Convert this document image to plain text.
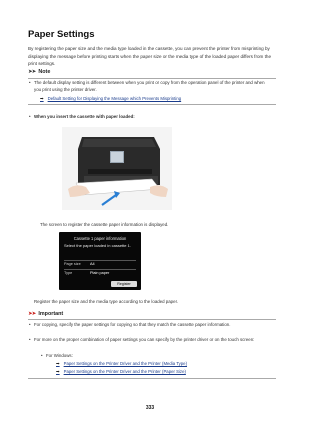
Paper Settings
By registering the paper size and the media type loaded in the cassette, you can prevent the printer from misprinting by displaying the message before printing starts when the paper size or the media type of the loaded paper differs from the print settings.
➤➤ Note
• The default display setting is different between when you print or copy from the operation panel of the printer and when you print using the printer driver.
➡ Default Setting for Displaying the Message which Prevents Misprinting
• When you insert the cassette with paper loaded:
The screen to register the cassette paper information is displayed.
Cassette 1 paper information
Select the paper loaded in cassette 1.
Page size A4
Type	Plain paper
Register
Register the paper size and the media type according to the loaded paper.
➤➤ Important
• For copying, specify the paper settings for copying so that they match the cassette paper information.
• For more on the proper combination of paper settings you can specify by the printer driver or on the touch screen:
• For Windows:
➡ Paper Settings on the Printer Driver and the Printer (Media Type)
➡ Paper Settings on the Printer Driver and the Printer (Paper Size)
333
